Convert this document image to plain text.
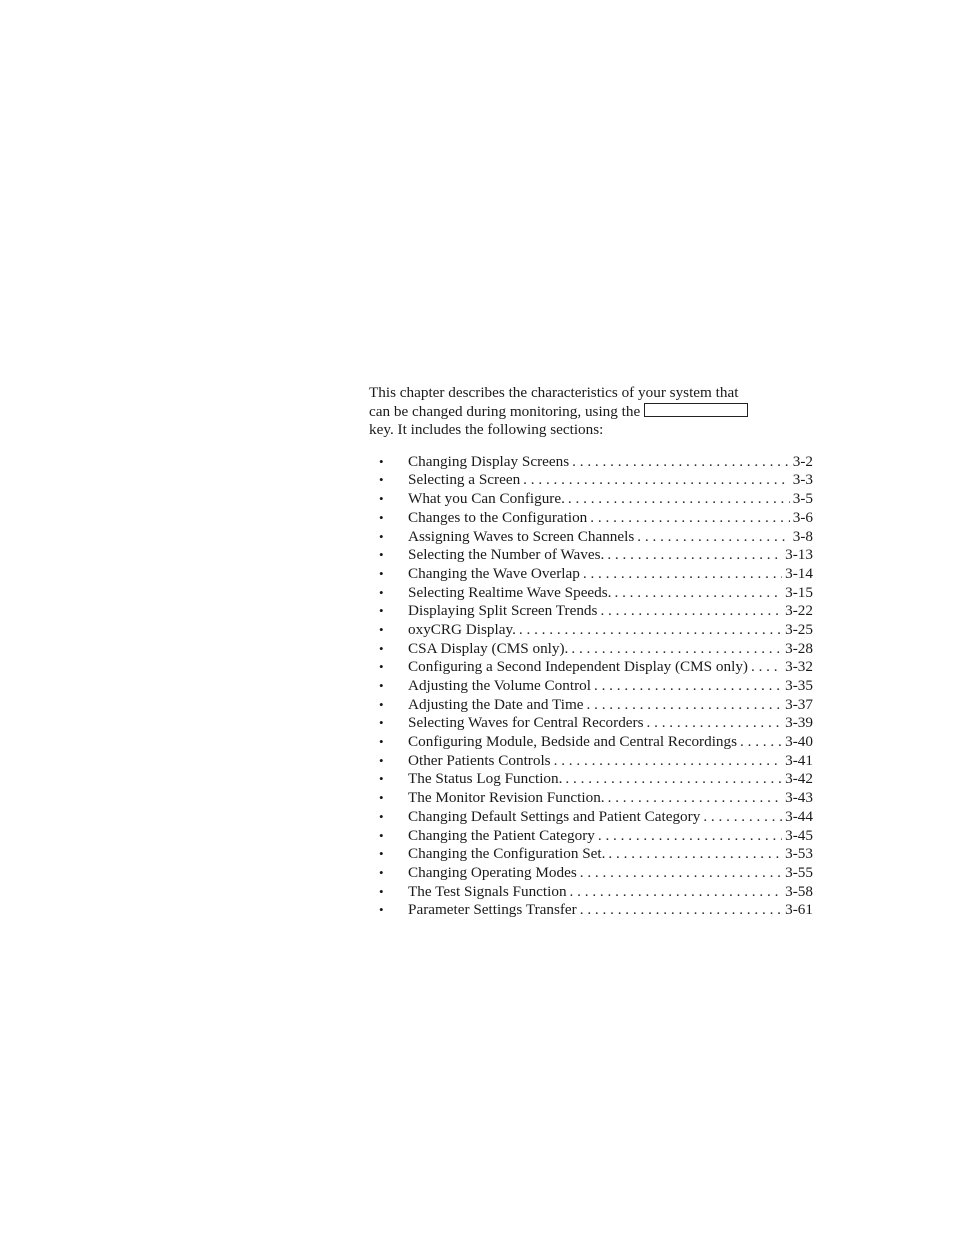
This chapter describes the characteristics of your system that
can be changed during monitoring, using the
key. It includes the following sections:

• Changing Display Screens . . .	3-2
• Selecting a Screen . . .	3-3
• What you Can Configure. . . .	3-5
• Changes to the Configuration . . .	3-6
• Assigning Waves to Screen Channels . . .	3-8
• Selecting the Number of Waves. . . .	3-13
• Changing the Wave Overlap . . .	3-14
• Selecting Realtime Wave Speeds. . . .	3-15
• Displaying Split Screen Trends . . .	3-22
• oxyCRG Display. . . .	3-25
• CSA Display (CMS only). . . .	3-28
• Configuring a Second Independent Display (CMS only) . . . 3-32
• Adjusting the Volume Control . . .	3-35
• Adjusting the Date and Time . . .	3-37
• Selecting Waves for Central Recorders . . .	3-39
• Configuring Module, Bedside and Central Recordings . . .	3-40
• Other Patients Controls . . .	3-41
• The Status Log Function. . . .	3-42
• The Monitor Revision Function. . . .	3-43
• Changing Default Settings and Patient Category . . .	3-44
• Changing the Patient Category . . .	3-45
• Changing the Configuration Set. . . .	3-53
• Changing Operating Modes . . .	3-55
• The Test Signals Function . . .	3-58
• Parameter Settings Transfer . . .	3-61
